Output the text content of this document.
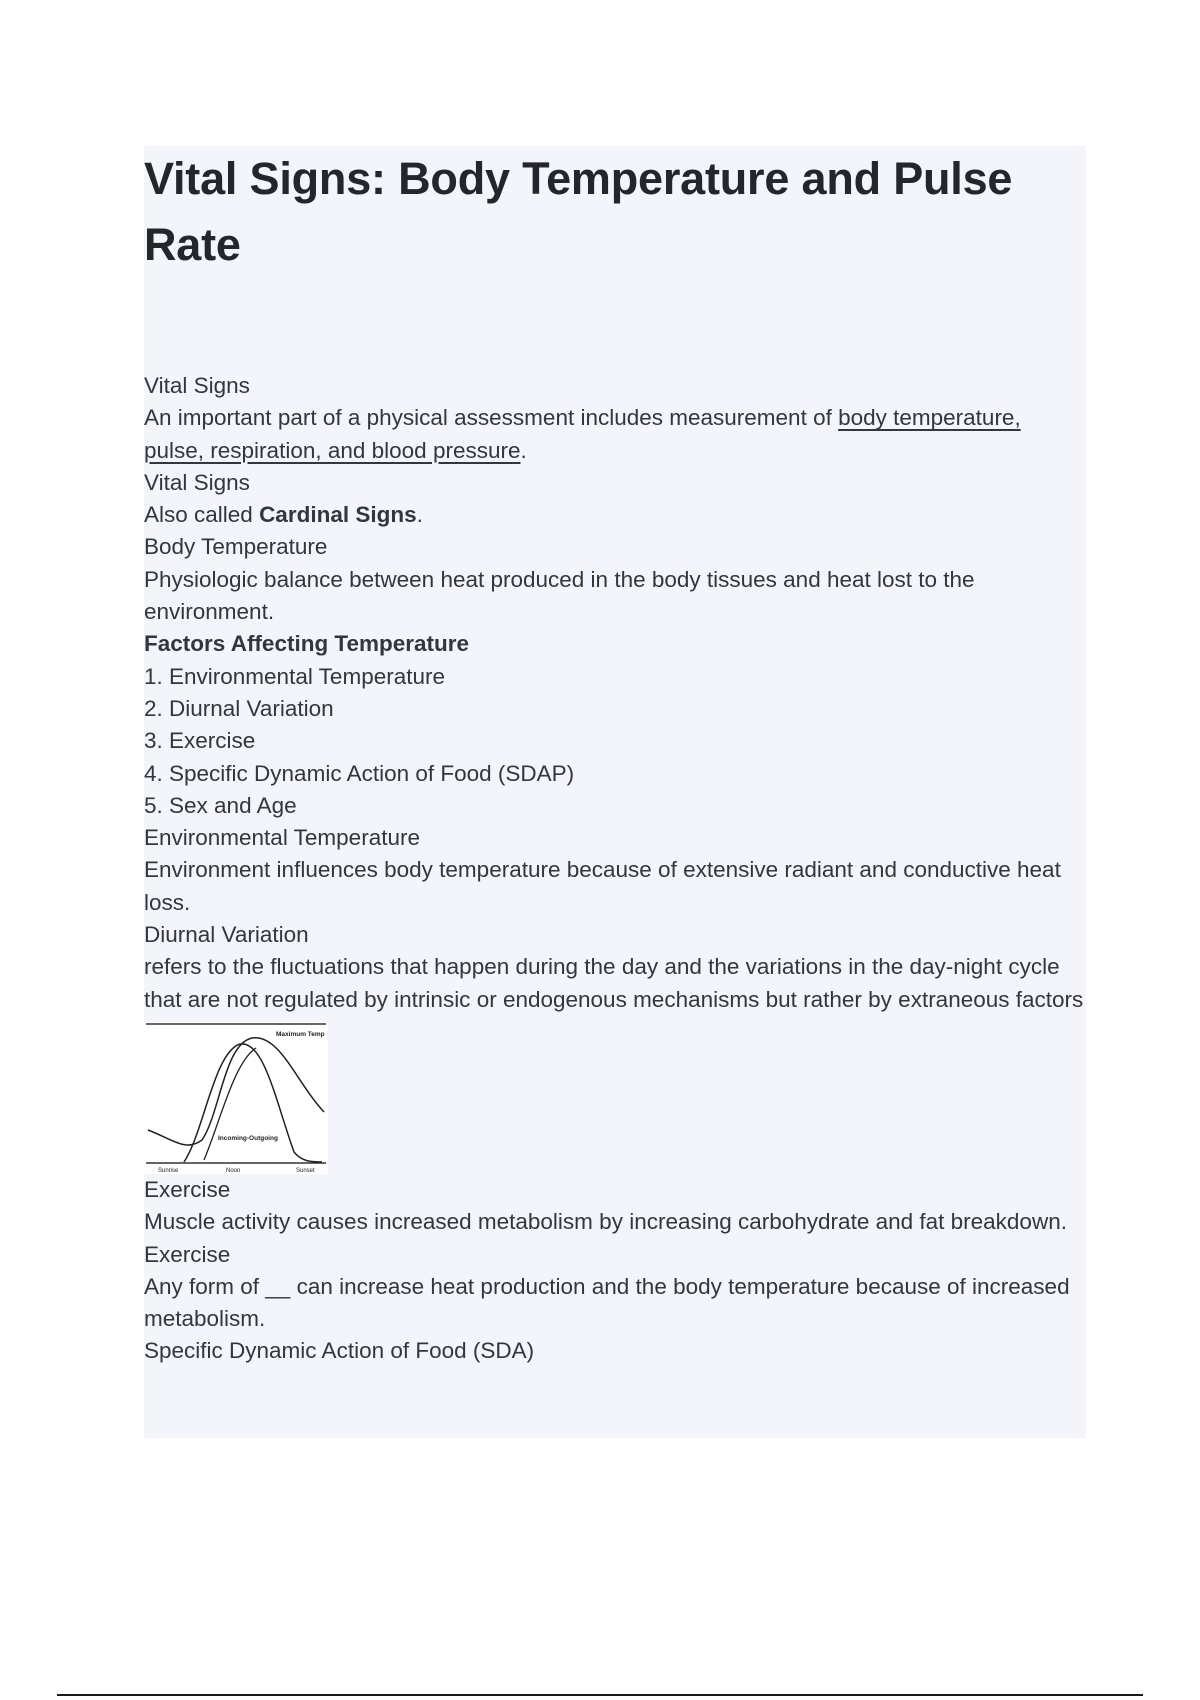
Vital Signs: Body Temperature and Pulse Rate

Vital Signs

An important part of a physical assessment includes measurement of body temperature, pulse, respiration, and blood pressure.

Vital Signs

Also called Cardinal Signs.

Body Temperature

Physiologic balance between heat produced in the body tissues and heat lost to the environment.

Factors Affecting Temperature

1. Environmental Temperature

2. Diurnal Variation

3. Exercise

4. Specific Dynamic Action of Food (SDAP)

5. Sex and Age

Environmental Temperature

Environment influences body temperature because of extensive radiant and conductive heat loss.

Diurnal Variation

refers to the fluctuations that happen during the day and the variations in the day-night cycle that are not regulated by intrinsic or endogenous mechanisms but rather by extraneous factors

Maximum Temp
Incoming-Outgoing
Sunrise	Noon	Sunset

Exercise

Muscle activity causes increased metabolism by increasing carbohydrate and fat breakdown.

Exercise

Any form of __ can increase heat production and the body temperature because of increased metabolism.

Specific Dynamic Action of Food (SDA)
